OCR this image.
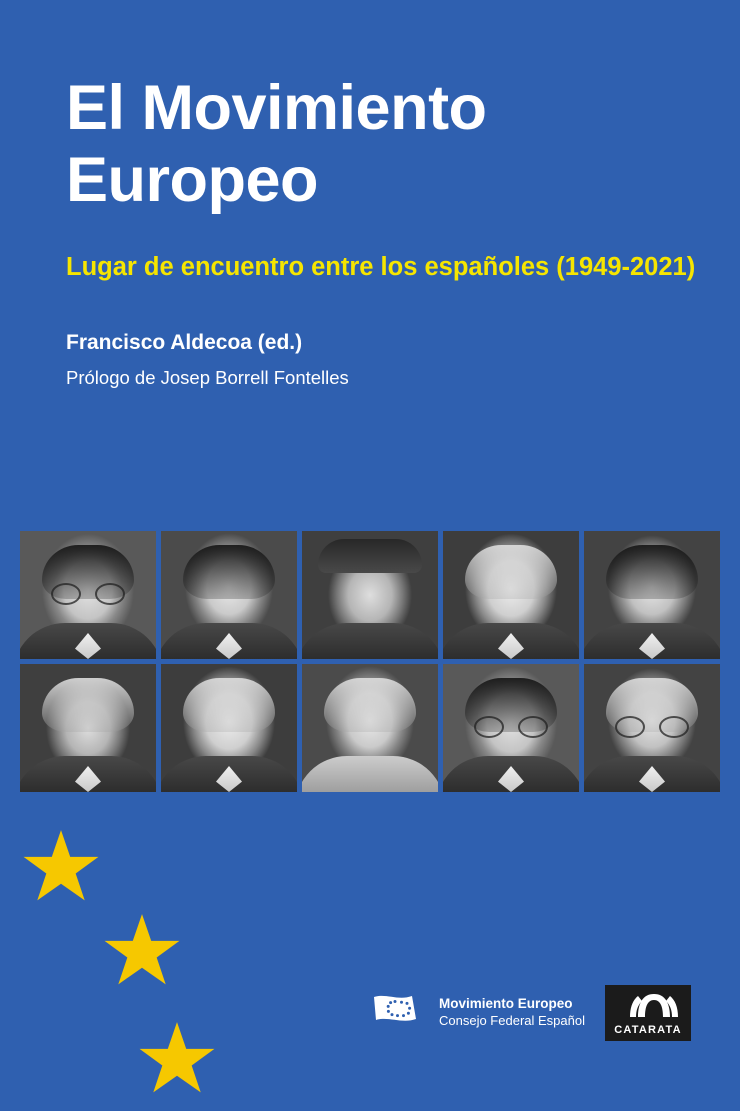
El Movimiento
Europeo
Lugar de encuentro entre los españoles (1949-2021)
Francisco Aldecoa (ed.)
Prólogo de Josep Borrell Fontelles
Movimiento Europeo
Consejo Federal Español
CATARATA
